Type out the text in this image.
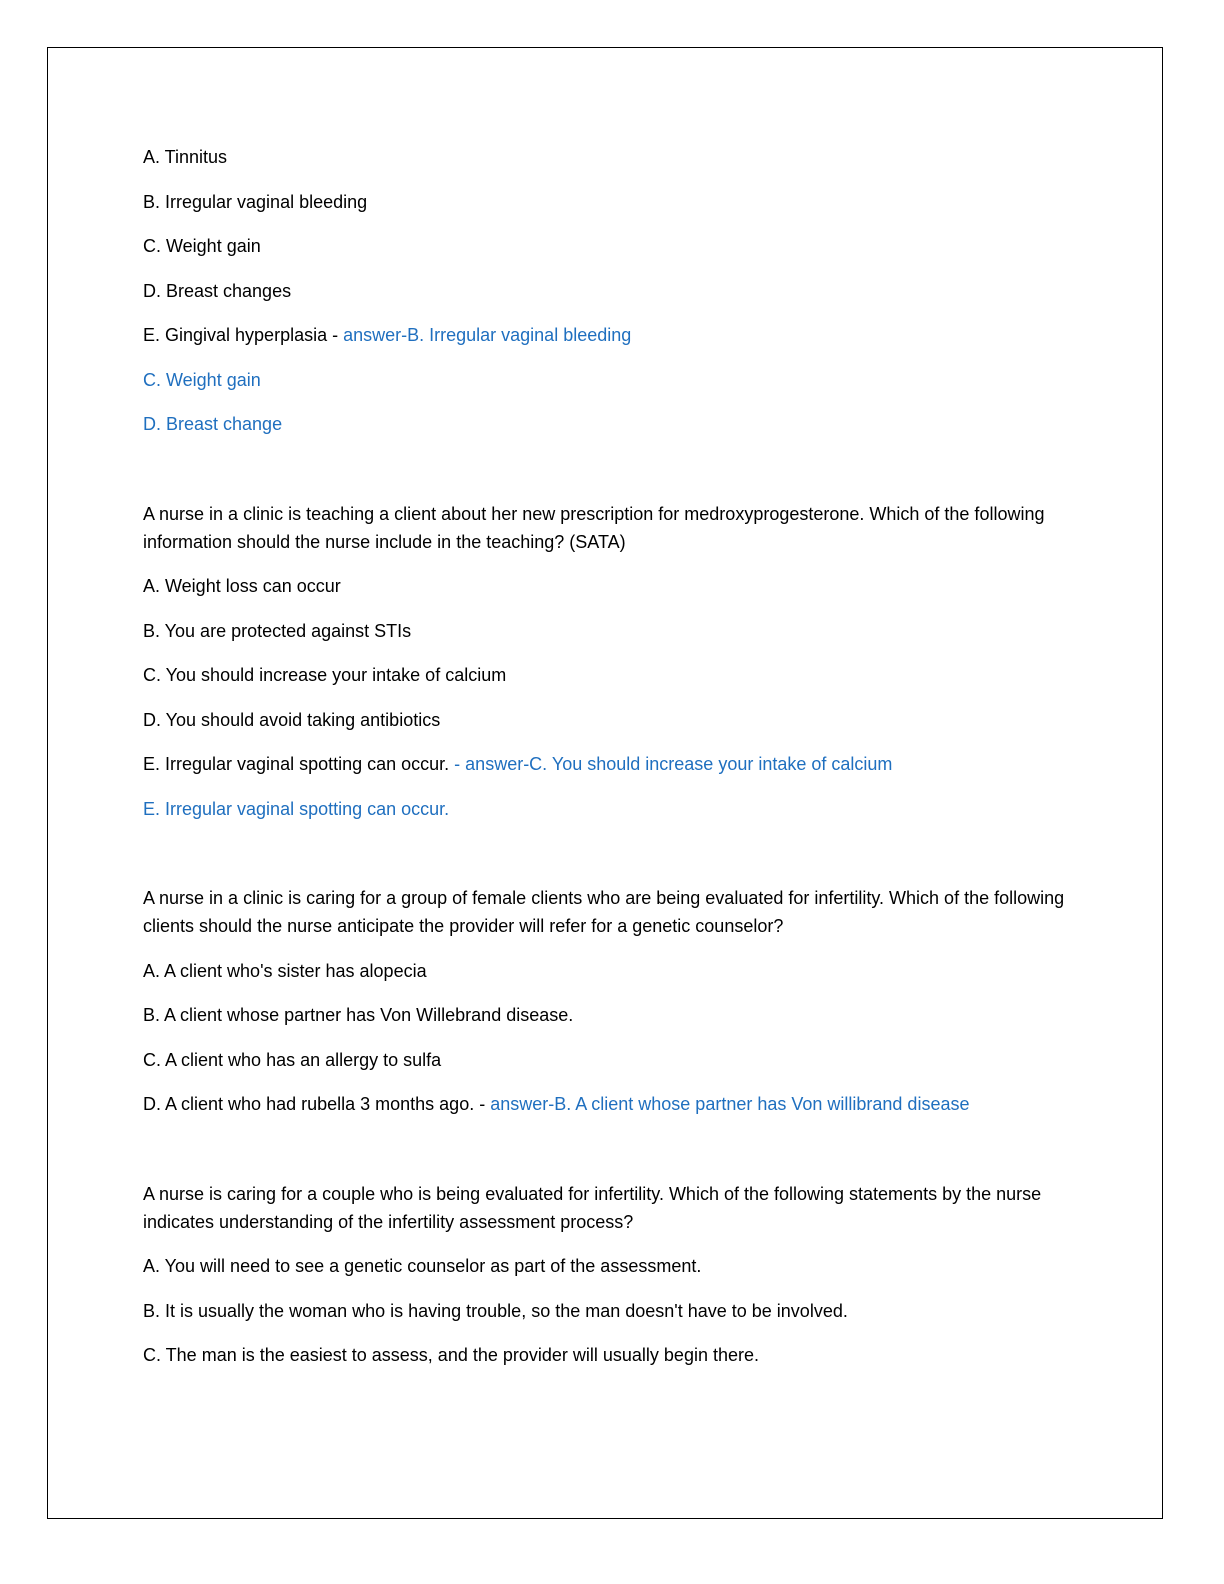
A. Tinnitus

B. Irregular vaginal bleeding

C. Weight gain

D. Breast changes

E. Gingival hyperplasia - answer-B. Irregular vaginal bleeding

C. Weight gain

D. Breast change

A nurse in a clinic is teaching a client about her new prescription for medroxyprogesterone. Which of the following information should the nurse include in the teaching? (SATA)

A. Weight loss can occur

B. You are protected against STIs

C. You should increase your intake of calcium

D. You should avoid taking antibiotics

E. Irregular vaginal spotting can occur. - answer-C. You should increase your intake of calcium

E. Irregular vaginal spotting can occur.

A nurse in a clinic is caring for a group of female clients who are being evaluated for infertility. Which of the following clients should the nurse anticipate the provider will refer for a genetic counselor?

A. A client who's sister has alopecia

B. A client whose partner has Von Willebrand disease.

C. A client who has an allergy to sulfa

D. A client who had rubella 3 months ago. - answer-B. A client whose partner has Von willibrand disease

A nurse is caring for a couple who is being evaluated for infertility. Which of the following statements by the nurse indicates understanding of the infertility assessment process?

A. You will need to see a genetic counselor as part of the assessment.

B. It is usually the woman who is having trouble, so the man doesn't have to be involved.

C. The man is the easiest to assess, and the provider will usually begin there.
